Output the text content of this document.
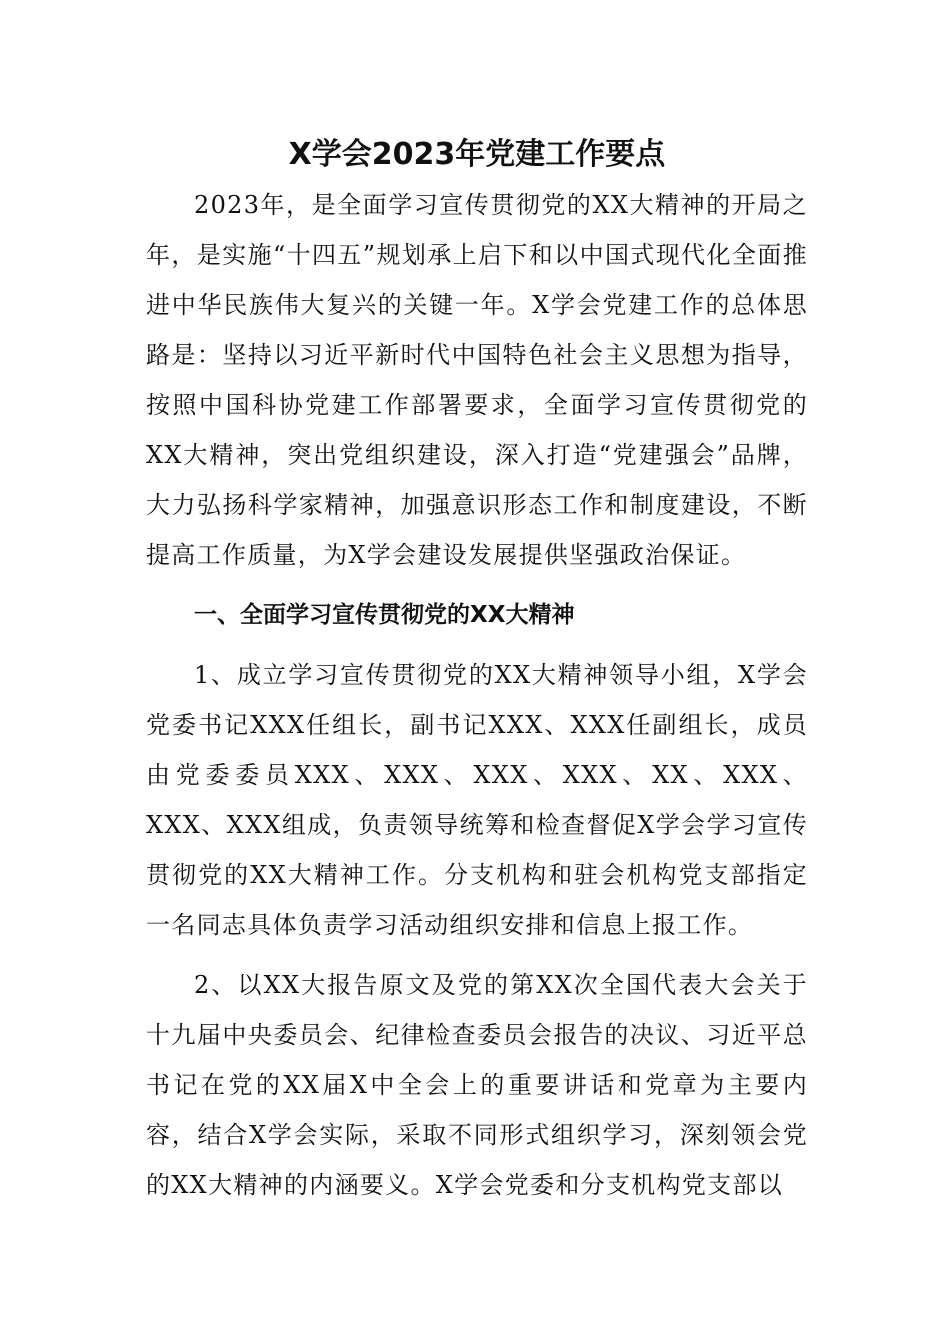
X学会2023年党建工作要点

2023年，是全面学习宣传贯彻党的XX大精神的开局之年，是实施“十四五”规划承上启下和以中国式现代化全面推进中华民族伟大复兴的关键一年。X学会党建工作的总体思路是：坚持以习近平新时代中国特色社会主义思想为指导，按照中国科协党建工作部署要求，全面学习宣传贯彻党的XX大精神，突出党组织建设，深入打造“党建强会”品牌，大力弘扬科学家精神，加强意识形态工作和制度建设，不断提高工作质量，为X学会建设发展提供坚强政治保证。

一、全面学习宣传贯彻党的XX大精神

1、成立学习宣传贯彻党的XX大精神领导小组，X学会党委书记XXX任组长，副书记XXX、XXX任副组长，成员由党委委员XXX、XXX、XXX、XXX、XX、XXX、XXX、XXX组成，负责领导统筹和检查督促X学会学习宣传贯彻党的XX大精神工作。分支机构和驻会机构党支部指定一名同志具体负责学习活动组织安排和信息上报工作。

2、以XX大报告原文及党的第XX次全国代表大会关于十九届中央委员会、纪律检查委员会报告的决议、习近平总书记在党的XX届X中全会上的重要讲话和党章为主要内容，结合X学会实际，采取不同形式组织学习，深刻领会党的XX大精神的内涵要义。X学会党委和分支机构党支部以
